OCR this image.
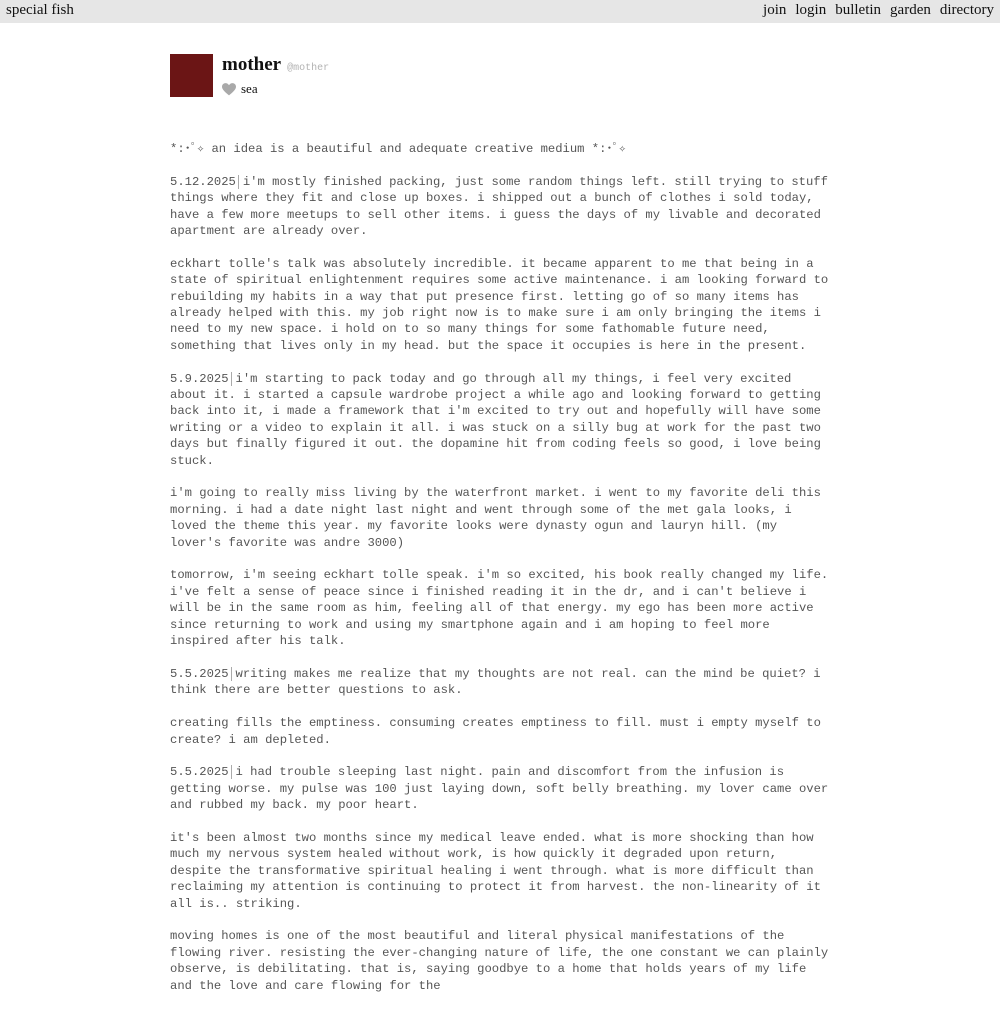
special fish	join login bulletin garden directory
mother @mother
sea

*:･ﾟ✧ an idea is a beautiful and adequate creative medium *:･ﾟ✧

5.12.2025 i'm mostly finished packing, just some random things left. still trying to stuff things where they fit and close up boxes. i shipped out a bunch of clothes i sold today, have a few more meetups to sell other items. i guess the days of my livable and decorated apartment are already over.

eckhart tolle's talk was absolutely incredible. it became apparent to me that being in a state of spiritual enlightenment requires some active maintenance. i am looking forward to rebuilding my habits in a way that put presence first. letting go of so many items has already helped with this. my job right now is to make sure i am only bringing the items i need to my new space. i hold on to so many things for some fathomable future need, something that lives only in my head. but the space it occupies is here in the present.

5.9.2025 i'm starting to pack today and go through all my things, i feel very excited about it. i started a capsule wardrobe project a while ago and looking forward to getting back into it, i made a framework that i'm excited to try out and hopefully will have some writing or a video to explain it all. i was stuck on a silly bug at work for the past two days but finally figured it out. the dopamine hit from coding feels so good, i love being stuck.

i'm going to really miss living by the waterfront market. i went to my favorite deli this morning. i had a date night last night and went through some of the met gala looks, i loved the theme this year. my favorite looks were dynasty ogun and lauryn hill. (my lover's favorite was andre 3000)

tomorrow, i'm seeing eckhart tolle speak. i'm so excited, his book really changed my life. i've felt a sense of peace since i finished reading it in the dr, and i can't believe i will be in the same room as him, feeling all of that energy. my ego has been more active since returning to work and using my smartphone again and i am hoping to feel more inspired after his talk.

5.5.2025 writing makes me realize that my thoughts are not real. can the mind be quiet? i think there are better questions to ask.

creating fills the emptiness. consuming creates emptiness to fill. must i empty myself to create? i am depleted.

5.5.2025 i had trouble sleeping last night. pain and discomfort from the infusion is getting worse. my pulse was 100 just laying down, soft belly breathing. my lover came over and rubbed my back. my poor heart.

it's been almost two months since my medical leave ended. what is more shocking than how much my nervous system healed without work, is how quickly it degraded upon return, despite the transformative spiritual healing i went through. what is more difficult than reclaiming my attention is continuing to protect it from harvest. the non-linearity of it all is.. striking.

moving homes is one of the most beautiful and literal physical manifestations of the flowing river. resisting the ever-changing nature of life, the one constant we can plainly observe, is debilitating. that is, saying goodbye to a home that holds years of my life and the love and care flowing for the
